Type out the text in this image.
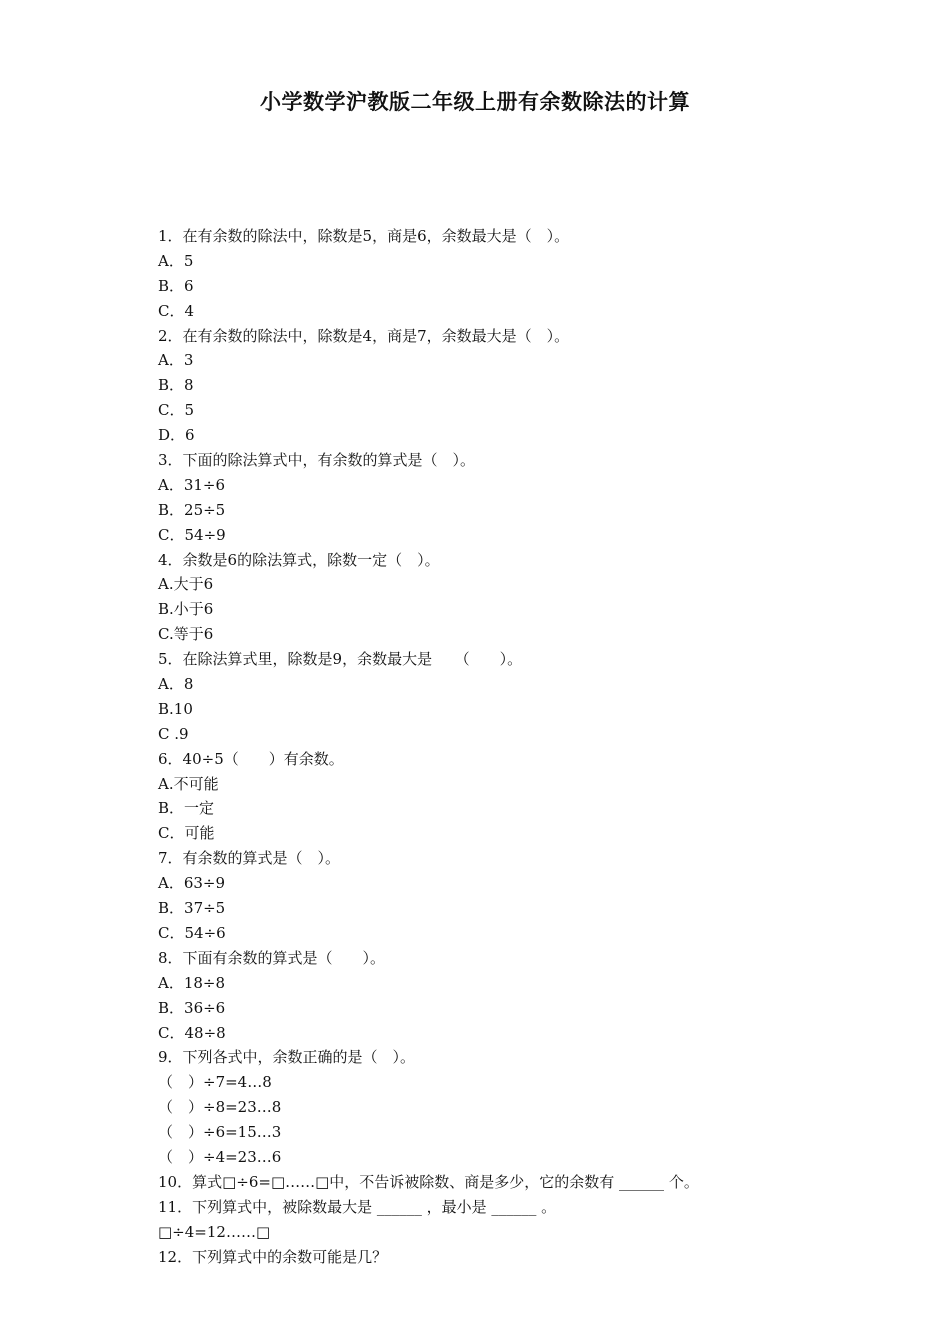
小学数学沪教版二年级上册有余数除法的计算
1．在有余数的除法中，除数是5，商是6，余数最大是（　）。
A．5
B．6
C．4
2．在有余数的除法中，除数是4，商是7，余数最大是（　）。
A．3
B．8
C．5
D．6
3．下面的除法算式中，有余数的算式是（　）。
A．31÷6
B．25÷5
C．54÷9
4．余数是6的除法算式，除数一定（　）。
A.大于6
B.小于6
C.等于6
5．在除法算式里，除数是9，余数最大是　　（　　）。
A．8
B.10
C .9
6．40÷5（　　）有余数。
A.不可能
B．一定
C．可能
7．有余数的算式是（　）。
A．63÷9
B．37÷5
C．54÷6
8．下面有余数的算式是（　　）。
A．18÷8
B．36÷6
C．48÷8
9．下列各式中，余数正确的是（　）。
（　）÷7=4…8
（　）÷8=23…8
（　）÷6=15…3
（　）÷4=23…6
10．算式□÷6=□……□中，不告诉被除数、商是多少，它的余数有 ______ 个。
11．下列算式中，被除数最大是 ______ ，最小是 ______ 。
□÷4=12……□
12．下列算式中的余数可能是几？
